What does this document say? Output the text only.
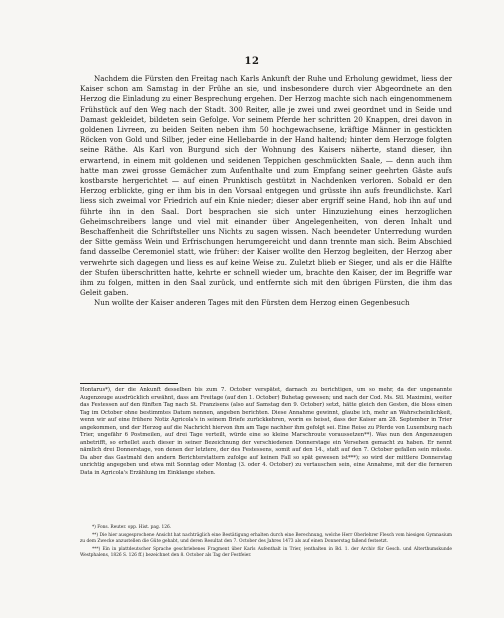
12

Nachdem die Fürsten den Freitag nach Karls Ankunft der Ruhe und Erholung gewidmet, liess der Kaiser schon am Samstag in der Frühe an sie, und insbesondere durch vier Abgeordnete an den Herzog die Einladung zu einer Besprechung ergehen. Der Herzog machte sich nach eingenommenem Frühstück auf den Weg nach der Stadt. 300 Reiter, alle je zwei und zwei geordnet und in Seide und Damast gekleidet, bildeten sein Gefolge. Vor seinem Pferde her schritten 20 Knappen, drei davon in goldenen Livreen, zu beiden Seiten neben ihm 50 hochgewachsene, kräftige Männer in gestickten Röcken von Gold und Silber, jeder eine Hellebarde in der Hand haltend; hinter dem Herzoge folgten seine Räthe. Als Karl von Burgund sich der Wohnung des Kaisers näherte, stand dieser, ihn erwartend, in einem mit goldenen und seidenen Teppichen geschmückten Saale, — denn auch ihm hatte man zwei grosse Gemächer zum Aufenthalte und zum Empfang seiner geehrten Gäste aufs kostbarste hergerichtet — auf einen Prunktisch gestützt in Nachdenken verloren. Sobald er den Herzog erblickte, ging er ihm bis in den Vorsaal entgegen und grüsste ihn aufs freundlichste. Karl liess sich zweimal vor Friedrich auf ein Knie nieder; dieser aber ergriff seine Hand, hob ihn auf und führte ihn in den Saal. Dort besprachen sie sich unter Hinzuziehung eines herzoglichen Geheimschreibers lange und viel mit einander über Angelegenheiten, von deren Inhalt und Beschaffenheit die Schriftsteller uns Nichts zu sagen wissen. Nach beendeter Unterredung wurden der Sitte gemäss Wein und Erfrischungen herumgereicht und dann trennte man sich. Beim Abschied fand dasselbe Ceremoniel statt, wie früher: der Kaiser wollte den Herzog begleiten, der Herzog aber verwehrte sich dagegen und liess es auf keine Weise zu. Zuletzt blieb er Sieger, und als er die Hälfte der Stufen überschritten hatte, kehrte er schnell wieder um, brachte den Kaiser, der im Begriffe war ihm zu folgen, mitten in den Saal zurück, und entfernte sich mit den übrigen Fürsten, die ihm das Geleit gaben.

Nun wollte der Kaiser anderen Tages mit den Fürsten dem Herzog einen Gegenbesuch

Hontarus*), der die Ankunft desselben bis zum 7. October verspätet, darnach zu berichtigen, um so mehr, da der ungenannte Augenzeuge ausdrücklich erwähnt, dass am Freitage (auf den 1. October) Buhetag gewesen; und nach der Cod. Ms. Stl. Maximini, weiter das Festessen auf den fünften Tag nach St. Franzisens (also auf Samstag den 9. October) setzt, hätte gleich den Gesten, die bloss einen Tag im October ohne bestimmtes Datum nennen, angeben berichten. Diese Annahme gewinnt, glaube ich, mehr an Wahrscheinlichkeit, wenn wir auf eine frühere Notiz Agricola's in seinem Briefe zurückkehren, worin es heisst, dass der Kaiser am 28. September in Trier angekommen, und der Herzog auf die Nachricht hiervon ihm am Tage nachher ihm gefolgt sei. Eine Reise zu Pferde von Luxemburg nach Trier, ungefähr 6 Postmeilen, auf drei Tage verteilt, würde eine so kleine Marschroute voraussetzen**). Was nun den Angenzeugen anbetrifft, so erhellet auch dieser in seiner Bezeichnung der verschiedenen Donnerstage ein Versehen gemacht zu haben. Er nennt nämlich drei Donnerstage, von denen der letztere, der des Festessens, somit auf den 14., statt auf den 7. October gefallen sein müsste. Da aber das Gastmahl den andern Berichterstattern zufolge auf keinen Fall so spät gewesen ist***); so wird der mittlere Donnerstag unrichtig angegeben und etwa mit Sonntag oder Montag (3. oder 4. October) zu vertauschen sein, eine Annahme, mit der die ferneren Data in Agricola's Erzählung im Einklange stehen.

*) Fons. Reuter. opp. Hist. pag. 126.

**) Die hier ausgesprochene Ansicht hat nachträglich eine Bestätigung erhalten durch eine Berechnung, welche Herr Oberlehrer Flesch vom hiesigen Gymnasium zu dem Zwecke anzustellen die Güte gehabt, und deren Resultat den 7. October des Jahres 1473 als auf einen Donnerstag fallend festsetzt.

***) Ein in plattdeutscher Sprache geschriebenes Fragment über Karls Aufenthalt in Trier, (enthalten in Bd. 1. der Archiv für Gesch. und Alterthumskunde Westphalens, 1826 S. 126 ff.) bezeichnet den 8. October als Tag der Festfeier.
